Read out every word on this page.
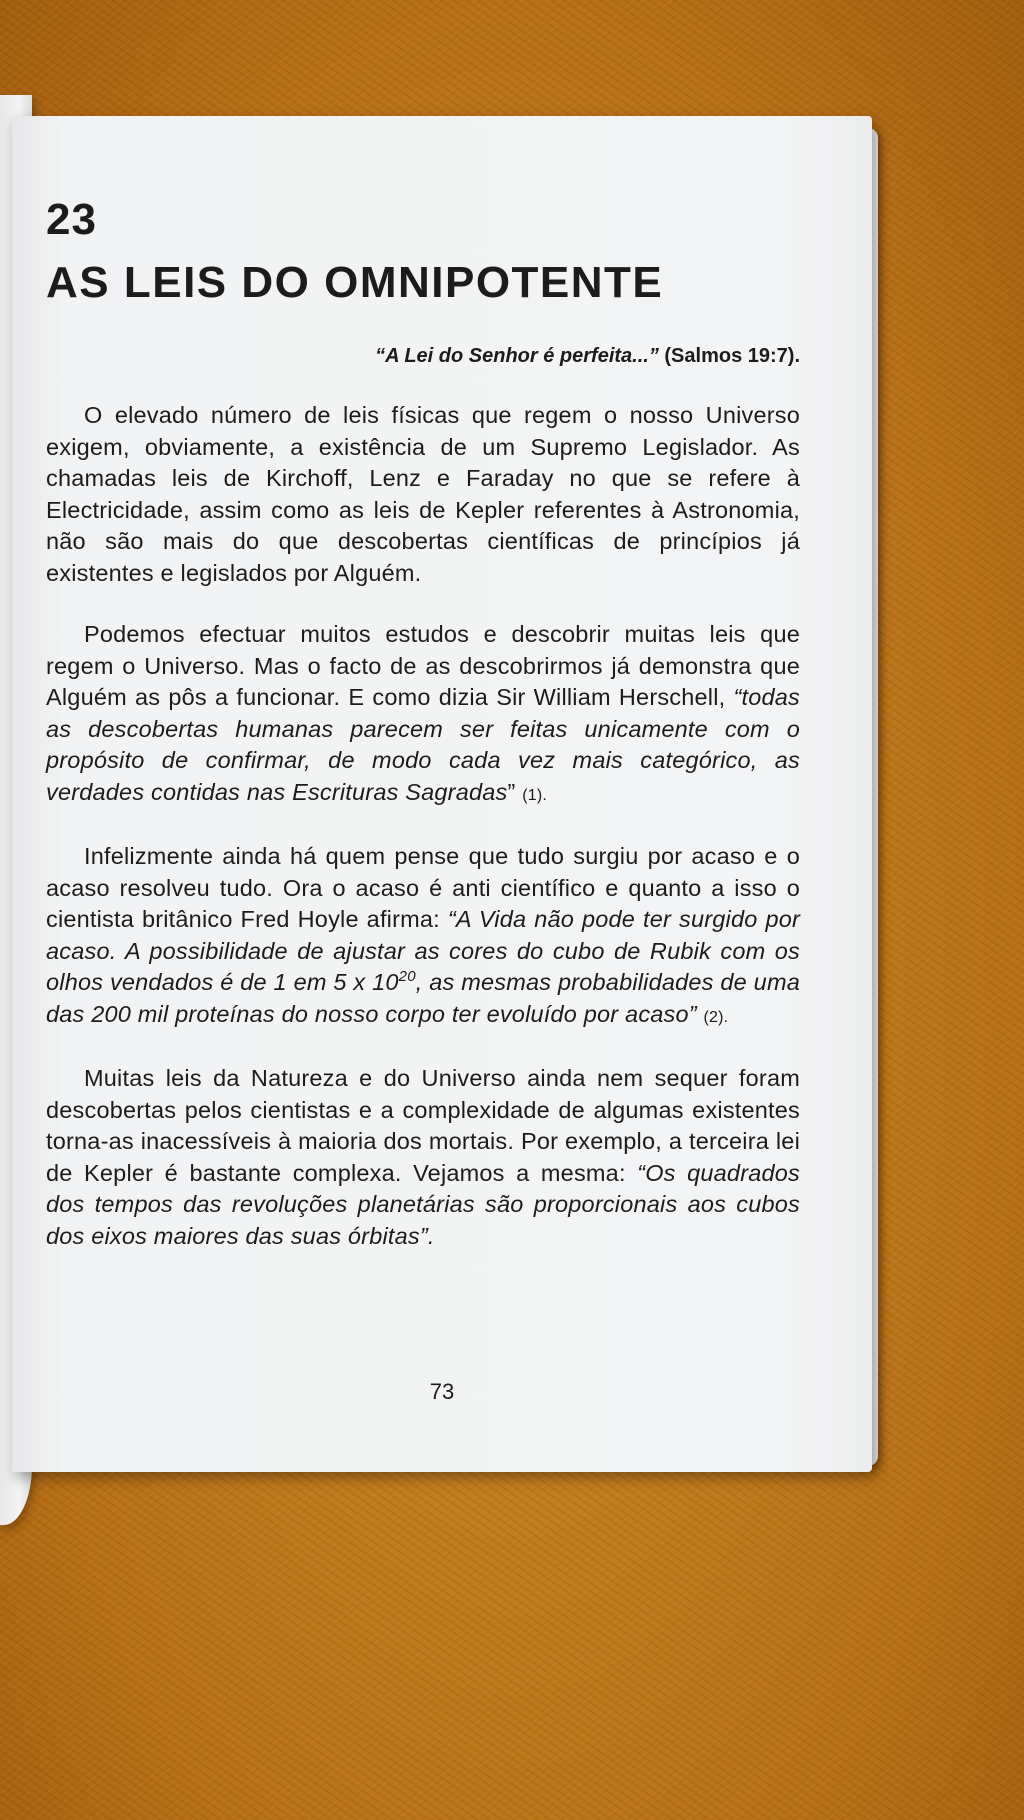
23
AS LEIS DO OMNIPOTENTE

“A Lei do Senhor é perfeita...” (Salmos 19:7).

O elevado número de leis físicas que regem o nosso Universo exigem, obviamente, a existência de um Supremo Legislador. As chamadas leis de Kirchoff, Lenz e Faraday no que se refere à Electricidade, assim como as leis de Kepler referentes à Astronomia, não são mais do que descobertas científicas de princípios já existentes e legislados por Alguém.

Podemos efectuar muitos estudos e descobrir muitas leis que regem o Universo. Mas o facto de as descobrirmos já demonstra que Alguém as pôs a funcionar. E como dizia Sir William Herschell, “todas as descobertas humanas parecem ser feitas unicamente com o propósito de confirmar, de modo cada vez mais categórico, as verdades contidas nas Escrituras Sagradas” (1).

Infelizmente ainda há quem pense que tudo surgiu por acaso e o acaso resolveu tudo. Ora o acaso é anti científico e quanto a isso o cientista britânico Fred Hoyle afirma: “A Vida não pode ter surgido por acaso. A possibilidade de ajustar as cores do cubo de Rubik com os olhos vendados é de 1 em 5 x $10^{20}$, as mesmas probabilidades de uma das 200 mil proteínas do nosso corpo ter evoluído por acaso” (2).

Muitas leis da Natureza e do Universo ainda nem sequer foram descobertas pelos cientistas e a complexidade de algumas existentes torna-as inacessíveis à maioria dos mortais. Por exemplo, a terceira lei de Kepler é bastante complexa. Vejamos a mesma: “Os quadrados dos tempos das revoluções planetárias são proporcionais aos cubos dos eixos maiores das suas órbitas”.

73
